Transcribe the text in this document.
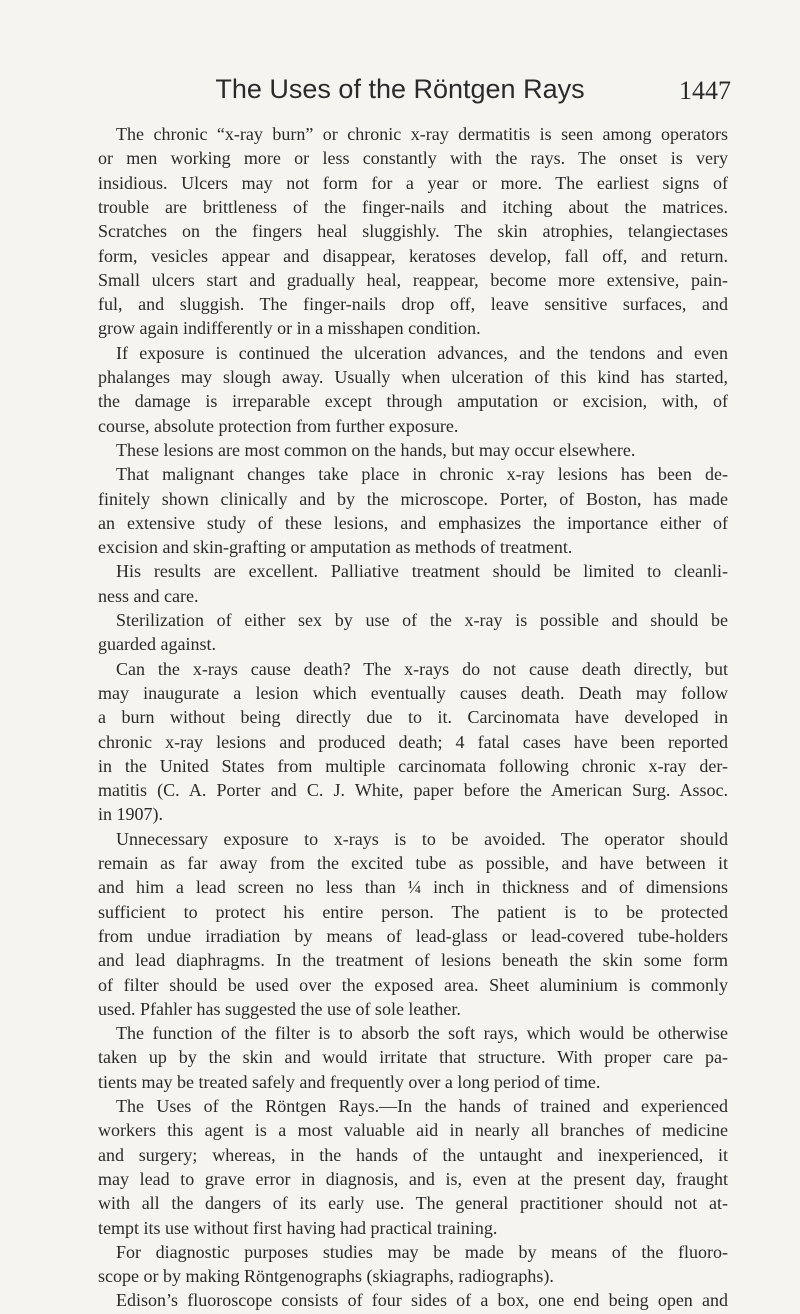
The Uses of the Röntgen Rays	1447
The chronic “x-ray burn” or chronic x-ray dermatitis is seen among operators
or men working more or less constantly with the rays. The onset is very
insidious. Ulcers may not form for a year or more. The earliest signs of
trouble are brittleness of the finger-nails and itching about the matrices.
Scratches on the fingers heal sluggishly. The skin atrophies, telangiectases
form, vesicles appear and disappear, keratoses develop, fall off, and return.
Small ulcers start and gradually heal, reappear, become more extensive, pain-
ful, and sluggish. The finger-nails drop off, leave sensitive surfaces, and
grow again indifferently or in a misshapen condition.
If exposure is continued the ulceration advances, and the tendons and even
phalanges may slough away. Usually when ulceration of this kind has started,
the damage is irreparable except through amputation or excision, with, of
course, absolute protection from further exposure.
These lesions are most common on the hands, but may occur elsewhere.
That malignant changes take place in chronic x-ray lesions has been de-
finitely shown clinically and by the microscope. Porter, of Boston, has made
an extensive study of these lesions, and emphasizes the importance either of
excision and skin-grafting or amputation as methods of treatment.
His results are excellent. Palliative treatment should be limited to cleanli-
ness and care.
Sterilization of either sex by use of the x-ray is possible and should be
guarded against.
Can the x-rays cause death? The x-rays do not cause death directly, but
may inaugurate a lesion which eventually causes death. Death may follow
a burn without being directly due to it. Carcinomata have developed in
chronic x-ray lesions and produced death; 4 fatal cases have been reported
in the United States from multiple carcinomata following chronic x-ray der-
matitis (C. A. Porter and C. J. White, paper before the American Surg. Assoc.
in 1907).
Unnecessary exposure to x-rays is to be avoided. The operator should
remain as far away from the excited tube as possible, and have between it
and him a lead screen no less than ¼ inch in thickness and of dimensions
sufficient to protect his entire person. The patient is to be protected
from undue irradiation by means of lead-glass or lead-covered tube-holders
and lead diaphragms. In the treatment of lesions beneath the skin some form
of filter should be used over the exposed area. Sheet aluminium is commonly
used. Pfahler has suggested the use of sole leather.
The function of the filter is to absorb the soft rays, which would be otherwise
taken up by the skin and would irritate that structure. With proper care pa-
tients may be treated safely and frequently over a long period of time.
The Uses of the Röntgen Rays.—In the hands of trained and experienced
workers this agent is a most valuable aid in nearly all branches of medicine
and surgery; whereas, in the hands of the untaught and inexperienced, it
may lead to grave error in diagnosis, and is, even at the present day, fraught
with all the dangers of its early use. The general practitioner should not at-
tempt its use without first having had practical training.
For diagnostic purposes studies may be made by means of the fluoro-
scope or by making Röntgenographs (skiagraphs, radiographs).
Edison’s fluoroscope consists of four sides of a box, one end being open and
